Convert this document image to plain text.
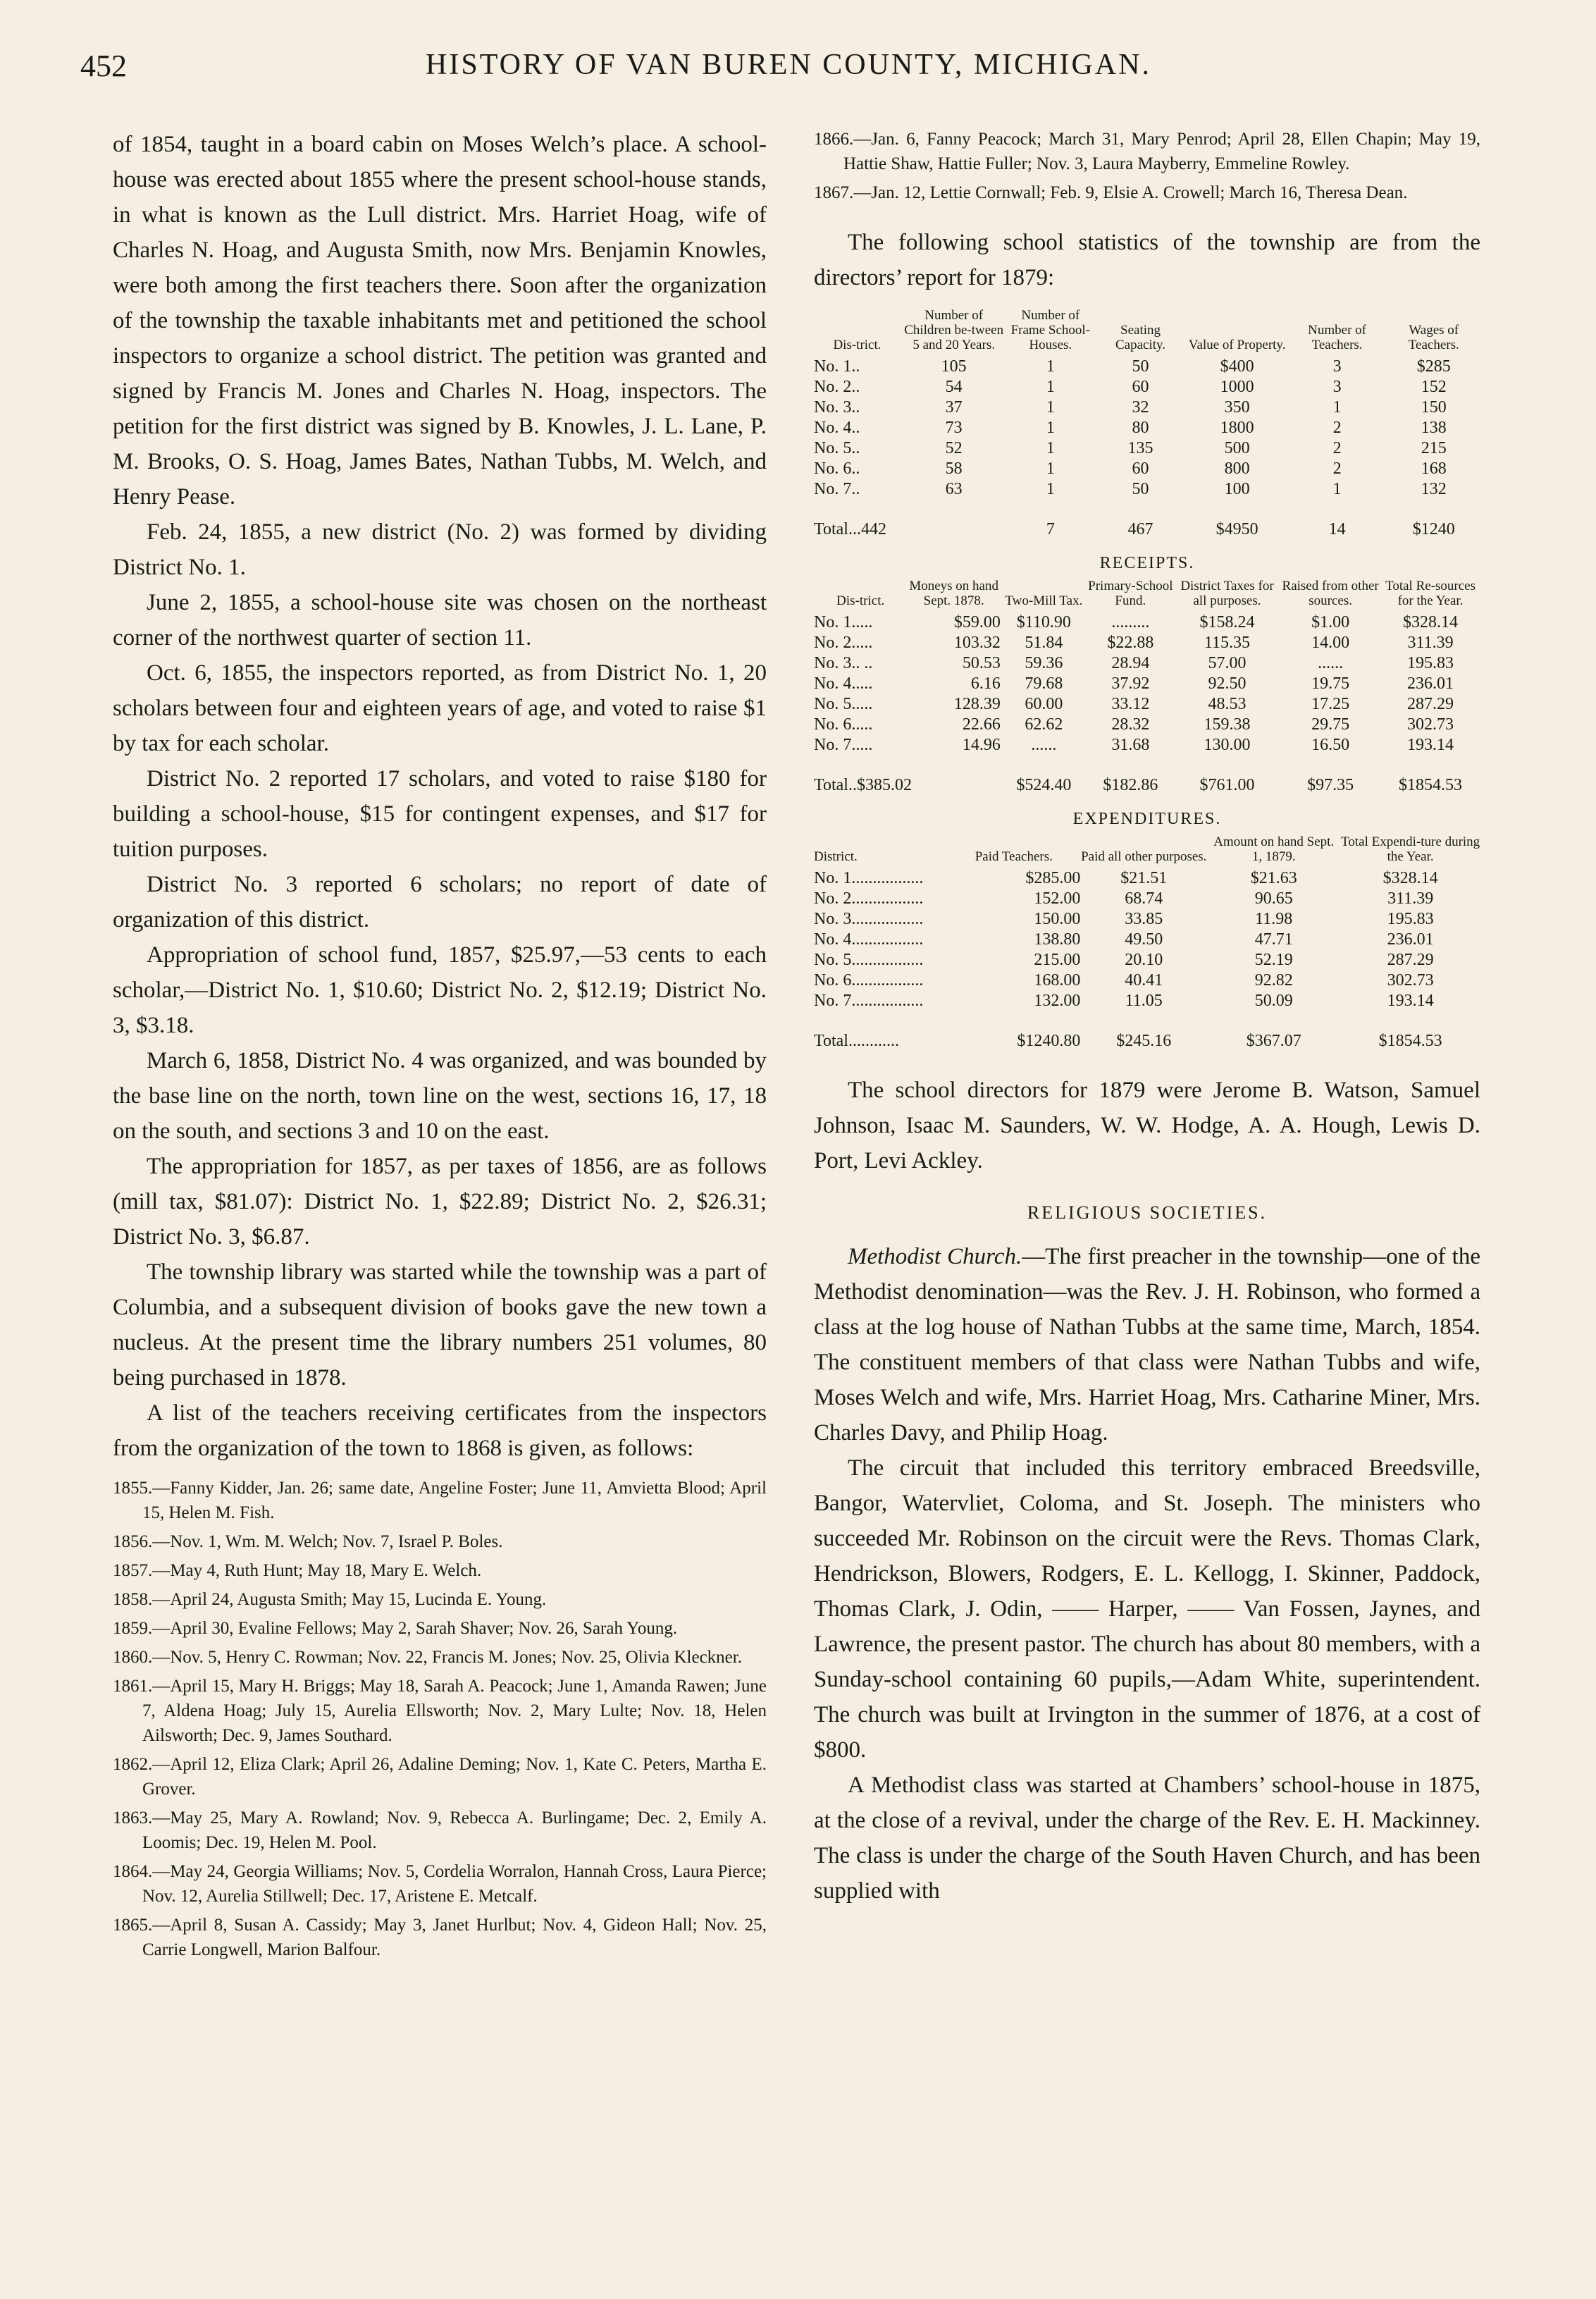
452	HISTORY OF VAN BUREN COUNTY, MICHIGAN.

of 1854, taught in a board cabin on Moses Welch’s place. A school-house was erected about 1855 where the present school-house stands, in what is known as the Lull district. Mrs. Harriet Hoag, wife of Charles N. Hoag, and Augusta Smith, now Mrs. Benjamin Knowles, were both among the first teachers there. Soon after the organization of the township the taxable inhabitants met and petitioned the school inspectors to organize a school district. The petition was granted and signed by Francis M. Jones and Charles N. Hoag, inspectors. The petition for the first district was signed by B. Knowles, J. L. Lane, P. M. Brooks, O. S. Hoag, James Bates, Nathan Tubbs, M. Welch, and Henry Pease.

Feb. 24, 1855, a new district (No. 2) was formed by dividing District No. 1.

June 2, 1855, a school-house site was chosen on the northeast corner of the northwest quarter of section 11.

Oct. 6, 1855, the inspectors reported, as from District No. 1, 20 scholars between four and eighteen years of age, and voted to raise $1 by tax for each scholar.

District No. 2 reported 17 scholars, and voted to raise $180 for building a school-house, $15 for contingent expenses, and $17 for tuition purposes.

District No. 3 reported 6 scholars; no report of date of organization of this district.

Appropriation of school fund, 1857, $25.97,—53 cents to each scholar,—District No. 1, $10.60; District No. 2, $12.19; District No. 3, $3.18.

March 6, 1858, District No. 4 was organized, and was bounded by the base line on the north, town line on the west, sections 16, 17, 18 on the south, and sections 3 and 10 on the east.

The appropriation for 1857, as per taxes of 1856, are as follows (mill tax, $81.07): District No. 1, $22.89; District No. 2, $26.31; District No. 3, $6.87.

The township library was started while the township was a part of Columbia, and a subsequent division of books gave the new town a nucleus. At the present time the library numbers 251 volumes, 80 being purchased in 1878.

A list of the teachers receiving certificates from the inspectors from the organization of the town to 1868 is given, as follows:

1855.—Fanny Kidder, Jan. 26; same date, Angeline Foster; June 11, Amvietta Blood; April 15, Helen M. Fish.

1856.—Nov. 1, Wm. M. Welch; Nov. 7, Israel P. Boles.

1857.—May 4, Ruth Hunt; May 18, Mary E. Welch.

1858.—April 24, Augusta Smith; May 15, Lucinda E. Young.

1859.—April 30, Evaline Fellows; May 2, Sarah Shaver; Nov. 26, Sarah Young.

1860.—Nov. 5, Henry C. Rowman; Nov. 22, Francis M. Jones; Nov. 25, Olivia Kleckner.

1861.—April 15, Mary H. Briggs; May 18, Sarah A. Peacock; June 1, Amanda Rawen; June 7, Aldena Hoag; July 15, Aurelia Ellsworth; Nov. 2, Mary Lulte; Nov. 18, Helen Ailsworth; Dec. 9, James Southard.

1862.—April 12, Eliza Clark; April 26, Adaline Deming; Nov. 1, Kate C. Peters, Martha E. Grover.

1863.—May 25, Mary A. Rowland; Nov. 9, Rebecca A. Burlingame; Dec. 2, Emily A. Loomis; Dec. 19, Helen M. Pool.

1864.—May 24, Georgia Williams; Nov. 5, Cordelia Worralon, Hannah Cross, Laura Pierce; Nov. 12, Aurelia Stillwell; Dec. 17, Aristene E. Metcalf.

1865.—April 8, Susan A. Cassidy; May 3, Janet Hurlbut; Nov. 4, Gideon Hall; Nov. 25, Carrie Longwell, Marion Balfour.

1866.—Jan. 6, Fanny Peacock; March 31, Mary Penrod; April 28, Ellen Chapin; May 19, Hattie Shaw, Hattie Fuller; Nov. 3, Laura Mayberry, Emmeline Rowley.

1867.—Jan. 12, Lettie Cornwall; Feb. 9, Elsie A. Crowell; March 16, Theresa Dean.

The following school statistics of the township are from the directors’ report for 1879:

Dis-trict.	Number of Children be-tween 5 and 20 Years.	Number of Frame School-Houses.	Seating Capacity.	Value of Property.	Number of Teachers.	Wages of Teachers.
No. 1..	105	1	50	$400	3	$285
No. 2..	54	1	60	1000	3	152
No. 3..	37	1	32	350	1	150
No. 4..	73	1	80	1800	2	138
No. 5..	52	1	135	500	2	215
No. 6..	58	1	60	800	2	168
No. 7..	63	1	50	100	1	132
Total...442		7	467	$4950	14	$1240
RECEIPTS.
Dis-trict.	Moneys on hand Sept. 1878.	Two-Mill Tax.	Primary-School Fund.	District Taxes for all purposes.	Raised from other sources.	Total Re-sources for the Year.
No. 1.....	$59.00	$110.90	.........	$158.24	$1.00	$328.14
No. 2.....	103.32	51.84	$22.88	115.35	14.00	311.39
No. 3.. ..	50.53	59.36	28.94	57.00	......	195.83
No. 4.....	6.16	79.68	37.92	92.50	19.75	236.01
No. 5.....	128.39	60.00	33.12	48.53	17.25	287.29
No. 6.....	22.66	62.62	28.32	159.38	29.75	302.73
No. 7.....	14.96	......	31.68	130.00	16.50	193.14
Total..$385.02		$524.40	$182.86	$761.00	$97.35	$1854.53
EXPENDITURES.
District.	Paid Teachers.	Paid all other purposes.	Amount on hand Sept. 1, 1879.	Total Expendi-ture during the Year.
No. 1.................	$285.00	$21.51	$21.63	$328.14
No. 2.................	152.00	68.74	90.65	311.39
No. 3.................	150.00	33.85	11.98	195.83
No. 4.................	138.80	49.50	47.71	236.01
No. 5.................	215.00	20.10	52.19	287.29
No. 6.................	168.00	40.41	92.82	302.73
No. 7.................	132.00	11.05	50.09	193.14
Total............	$1240.80	$245.16	$367.07	$1854.53

The school directors for 1879 were Jerome B. Watson, Samuel Johnson, Isaac M. Saunders, W. W. Hodge, A. A. Hough, Lewis D. Port, Levi Ackley.

RELIGIOUS SOCIETIES.

Methodist Church.—The first preacher in the township—one of the Methodist denomination—was the Rev. J. H. Robinson, who formed a class at the log house of Nathan Tubbs at the same time, March, 1854. The constituent members of that class were Nathan Tubbs and wife, Moses Welch and wife, Mrs. Harriet Hoag, Mrs. Catharine Miner, Mrs. Charles Davy, and Philip Hoag.

The circuit that included this territory embraced Breedsville, Bangor, Watervliet, Coloma, and St. Joseph. The ministers who succeeded Mr. Robinson on the circuit were the Revs. Thomas Clark, Hendrickson, Blowers, Rodgers, E. L. Kellogg, I. Skinner, Paddock, Thomas Clark, J. Odin, —— Harper, —— Van Fossen, Jaynes, and Lawrence, the present pastor. The church has about 80 members, with a Sunday-school containing 60 pupils,—Adam White, superintendent. The church was built at Irvington in the summer of 1876, at a cost of $800.

A Methodist class was started at Chambers’ school-house in 1875, at the close of a revival, under the charge of the Rev. E. H. Mackinney. The class is under the charge of the South Haven Church, and has been supplied with
